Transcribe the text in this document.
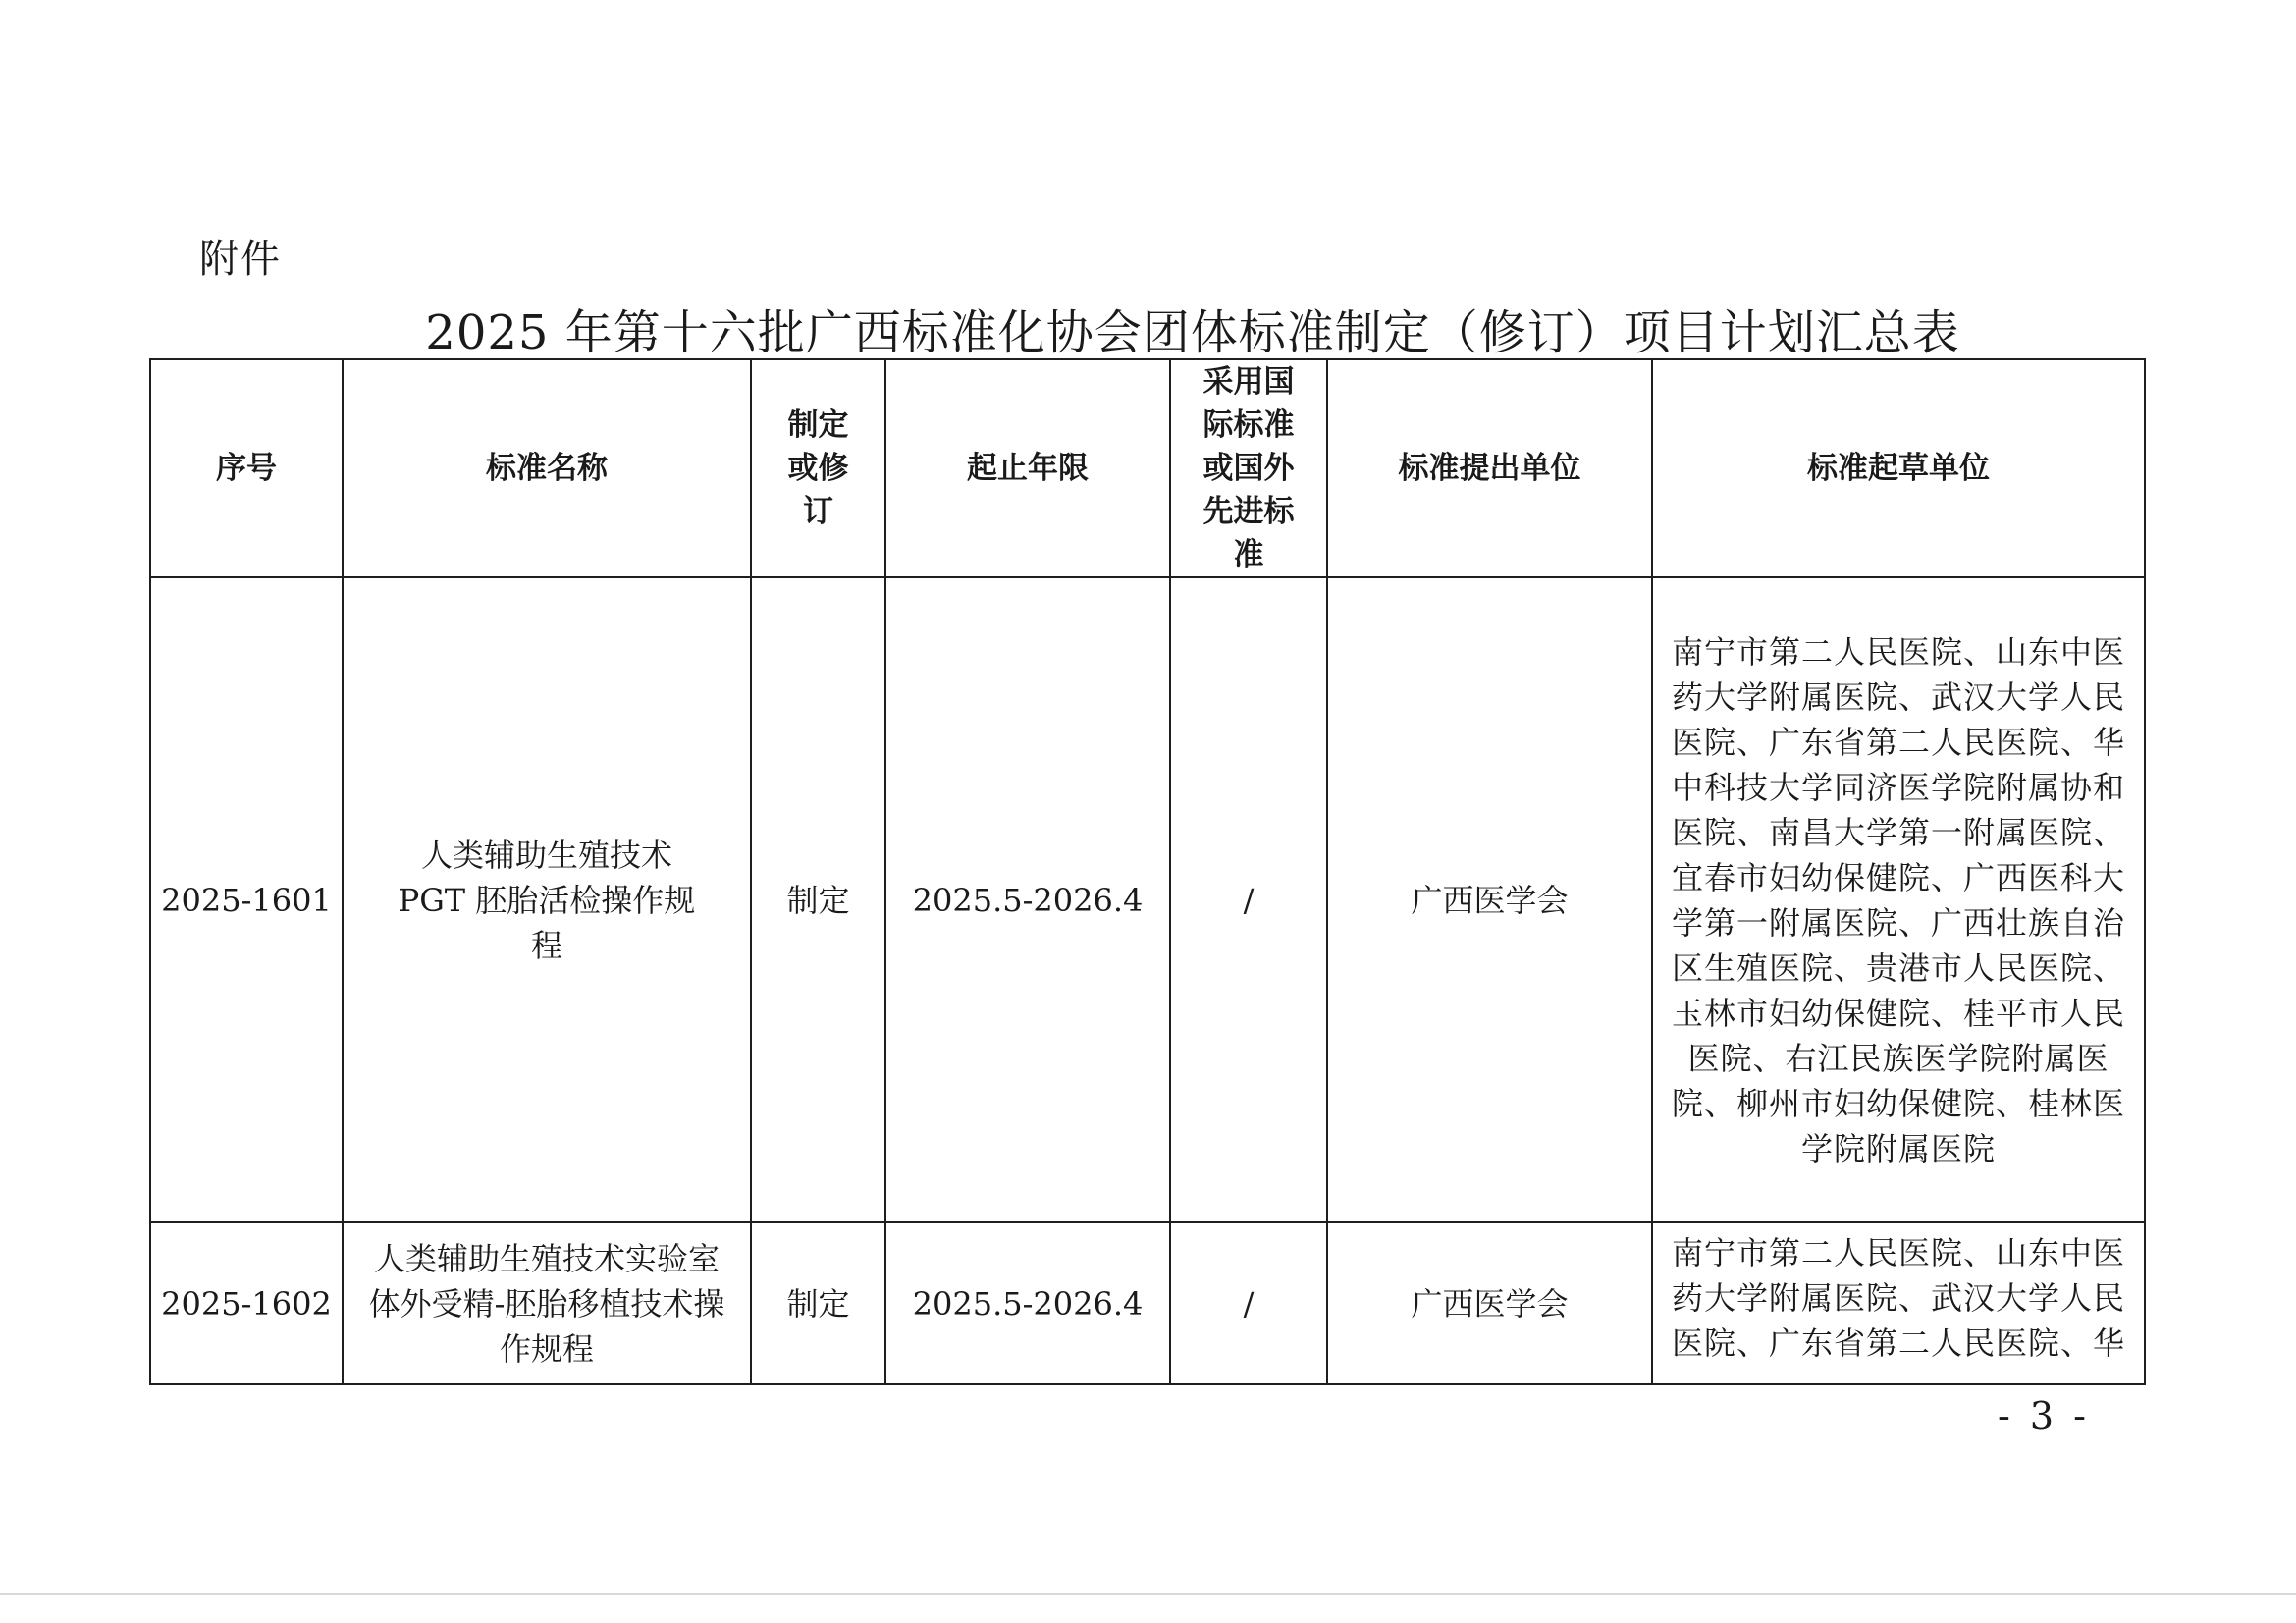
附件
2025 年第十六批广西标准化协会团体标准制定（修订）项目计划汇总表
序号	标准名称	制定或修订	起止年限	采用国际标准或国外先进标准	标准提出单位	标准起草单位
2025-1601	人类辅助生殖技术 PGT 胚胎活检操作规程	制定	2025.5-2026.4	/	广西医学会	南宁市第二人民医院、山东中医药大学附属医院、武汉大学人民医院、广东省第二人民医院、华中科技大学同济医学院附属协和医院、南昌大学第一附属医院、宜春市妇幼保健院、广西医科大学第一附属医院、广西壮族自治区生殖医院、贵港市人民医院、玉林市妇幼保健院、桂平市人民医院、右江民族医学院附属医院、柳州市妇幼保健院、桂林医学院附属医院
2025-1602	人类辅助生殖技术实验室体外受精-胚胎移植技术操作规程	制定	2025.5-2026.4	/	广西医学会	南宁市第二人民医院、山东中医药大学附属医院、武汉大学人民医院、广东省第二人民医院、华
- 3 -
